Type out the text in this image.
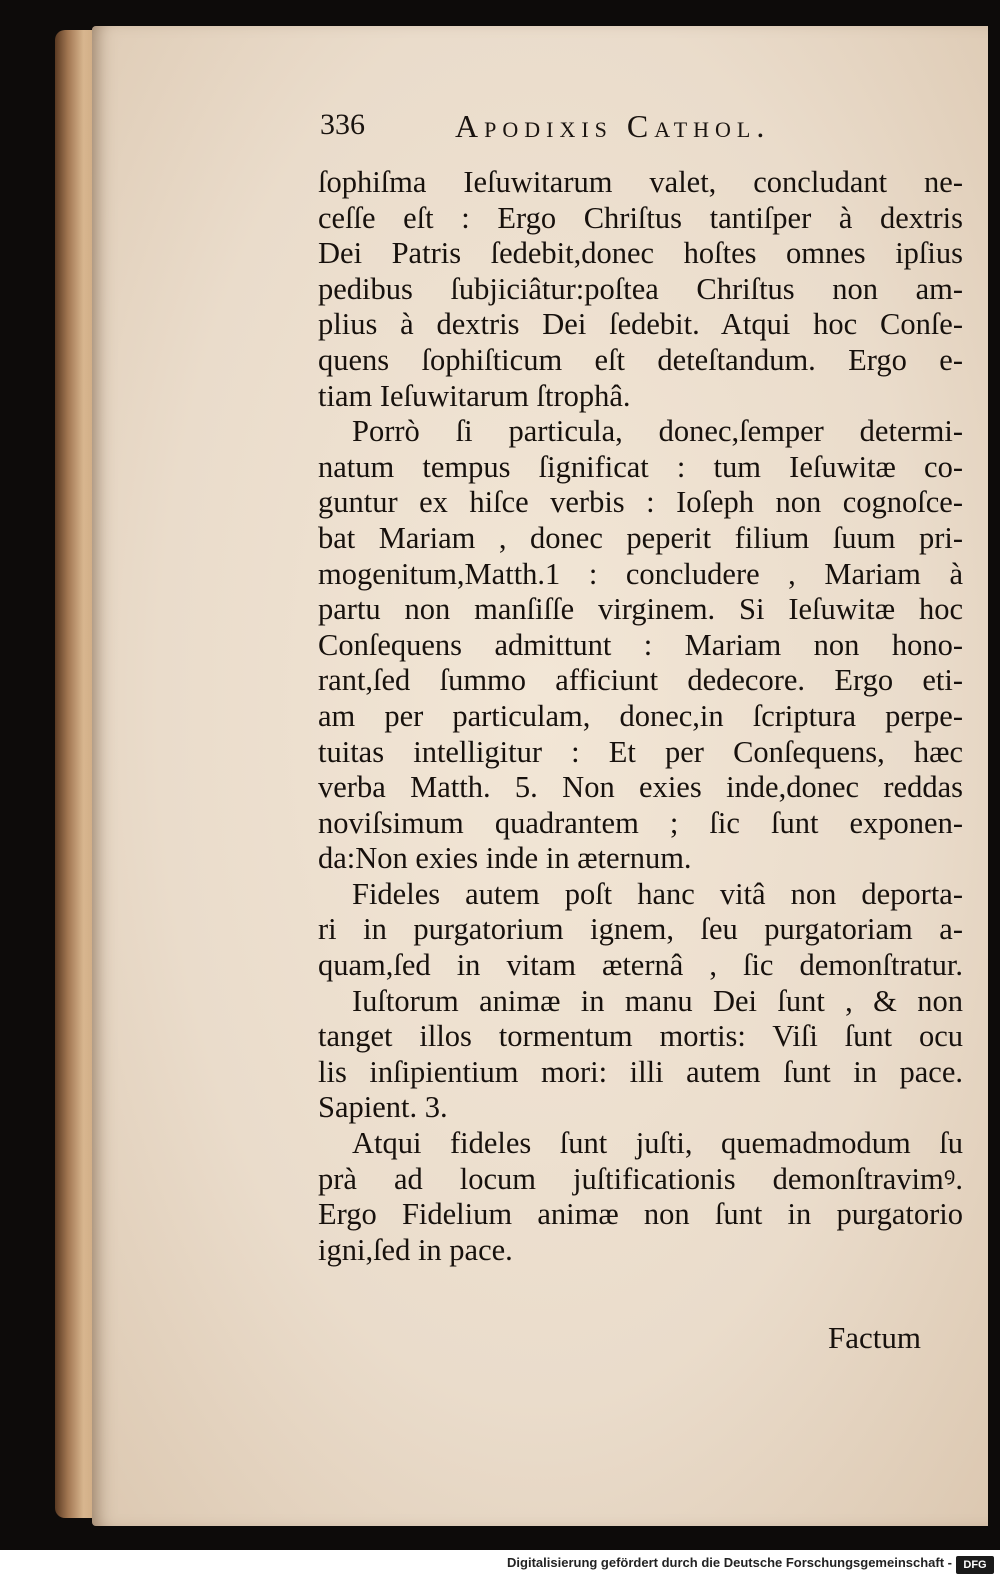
336	Apodixis Cathol.
ſophiſma Ieſuwitarum valet, concludant ne-
ceſſe eſt : Ergo Chriſtus tantiſper à dextris
Dei Patris ſedebit,donec hoſtes omnes ipſius
pedibus ſubjiciâtur:poſtea Chriſtus non am-
plius à dextris Dei ſedebit. Atqui hoc Conſe-
quens ſophiſticum eſt deteſtandum. Ergo e-
tiam Ieſuwitarum ſtrophâ.
Porrò ſi particula, donec,ſemper determi-
natum tempus ſignificat : tum Ieſuwitæ co-
guntur ex hiſce verbis : Ioſeph non cognoſce-
bat Mariam , donec peperit filium ſuum pri-
mogenitum,Matth.1 : concludere , Mariam à
partu non manſiſſe virginem. Si Ieſuwitæ hoc
Conſequens admittunt : Mariam non hono-
rant,ſed ſummo afficiunt dedecore. Ergo eti-
am per particulam, donec,in ſcriptura perpe-
tuitas intelligitur : Et per Conſequens, hæc
verba Matth. 5. Non exies inde,donec reddas
noviſsimum quadrantem ; ſic ſunt exponen-
da:Non exies inde in æternum.
Fideles autem poſt hanc vitâ non deporta-
ri in purgatorium ignem, ſeu purgatoriam a-
quam,ſed in vitam æternâ , ſic demonſtratur.
Iuſtorum animæ in manu Dei ſunt , & non
tanget illos tormentum mortis: Viſi ſunt ocu
lis inſipientium mori: illi autem ſunt in pace.
Sapient. 3.
Atqui fideles ſunt juſti, quemadmodum ſu
prà ad locum juſtificationis demonſtravimꝰ.
Ergo Fidelium animæ non ſunt in purgatorio
igni,ſed in pace.
Factum
Digitalisierung gefördert durch die Deutsche Forschungsgemeinschaft -	DFG
